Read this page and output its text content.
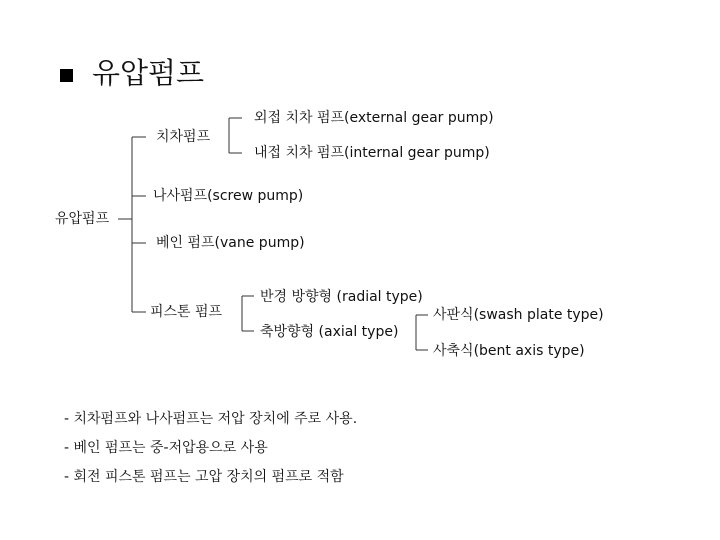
유압펌프
유압펌프
치차펌프
외접 치차 펌프(external gear pump)
내접 치차 펌프(internal gear pump)
나사펌프(screw pump)
베인 펌프(vane pump)
피스톤 펌프
반경 방향형 (radial type)
축방향형 (axial type)
사판식(swash plate type)
사축식(bent axis type)
- 치차펌프와 나사펌프는 저압 장치에 주로 사용.
- 베인 펌프는 중-저압용으로 사용
- 회전 피스톤 펌프는 고압 장치의 펌프로 적함
